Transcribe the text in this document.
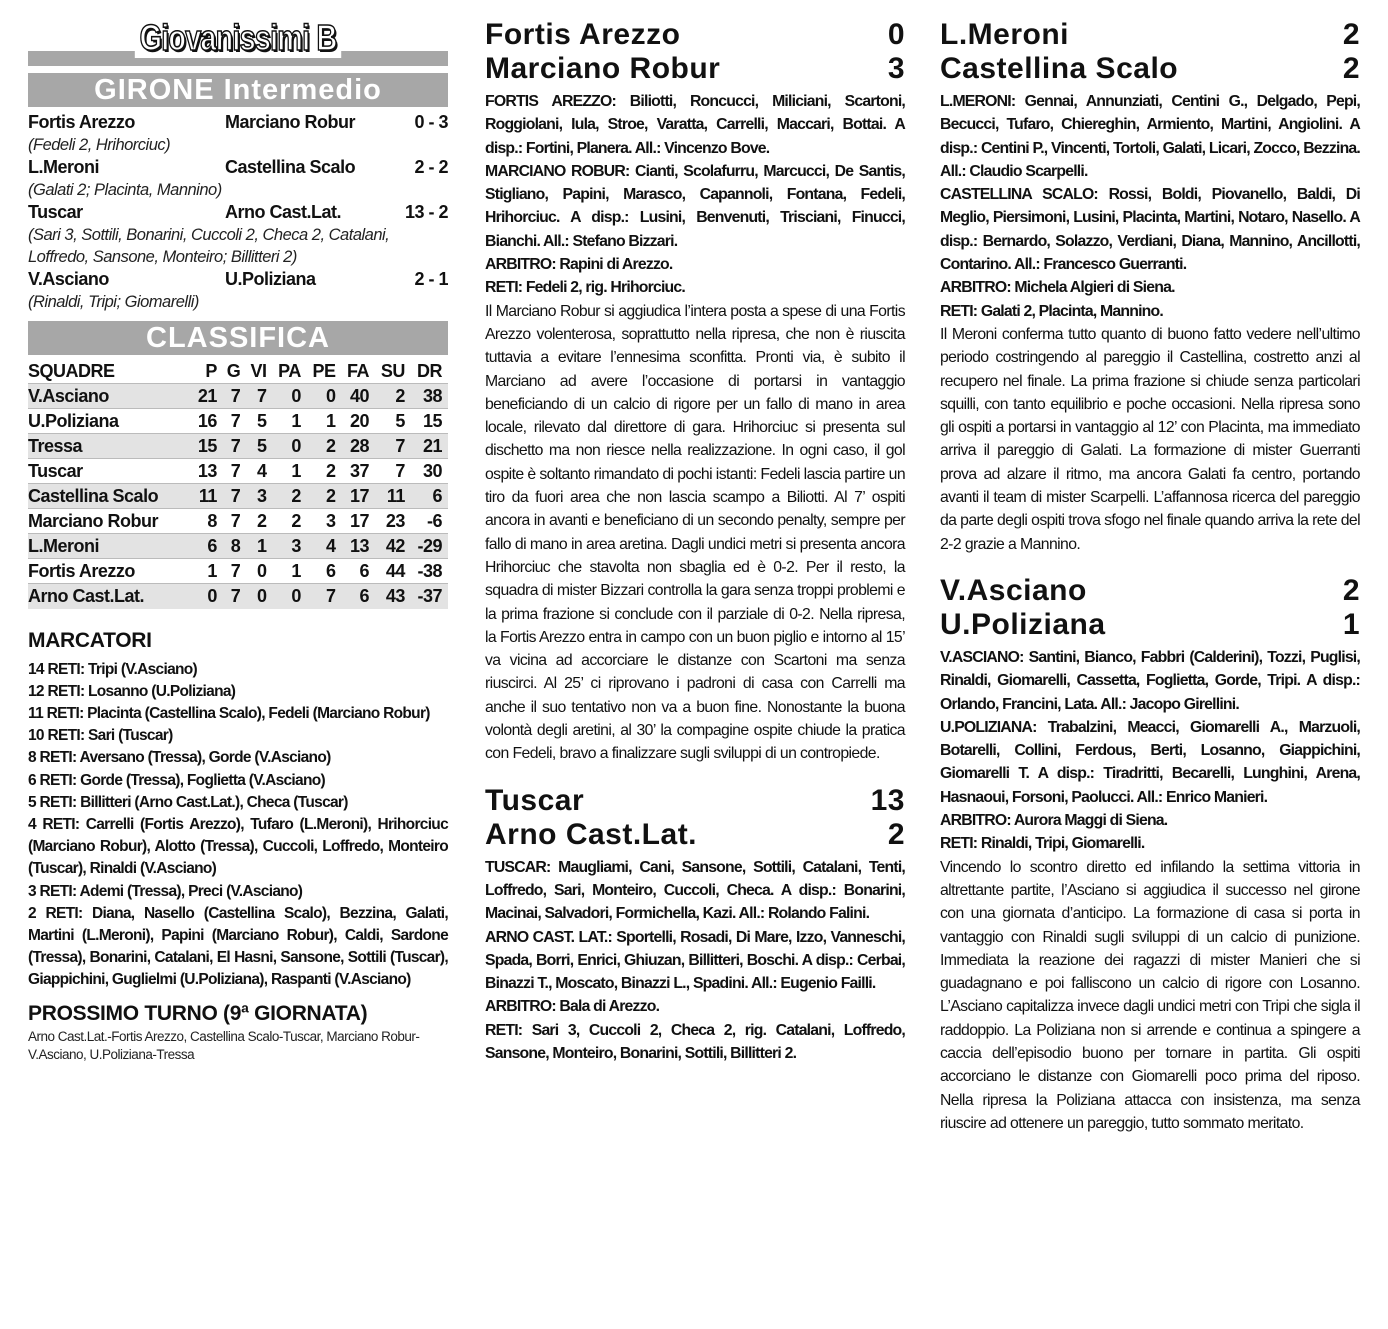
Giovanissimi B
GIRONE Intermedio
Fortis Arezzo	Marciano Robur	0 - 3
(Fedeli 2, Hrihorciuc)
L.Meroni	Castellina Scalo	2 - 2
(Galati 2; Placinta, Mannino)
Tuscar	Arno Cast.Lat.	13 - 2
(Sari 3, Sottili, Bonarini, Cuccoli 2, Checa 2, Catalani, Loffredo, Sansone, Monteiro; Billitteri 2)
V.Asciano	U.Poliziana	2 - 1
(Rinaldi, Tripi; Giomarelli)
CLASSIFICA
SQUADRE	P	G	VI	PA	PE	FA	SU	DR
V.Asciano	21	7	7	0	0	40	2	38
U.Poliziana	16	7	5	1	1	20	5	15
Tressa	15	7	5	0	2	28	7	21
Tuscar	13	7	4	1	2	37	7	30
Castellina Scalo	11	7	3	2	2	17	11	6
Marciano Robur	8	7	2	2	3	17	23	-6
L.Meroni	6	8	1	3	4	13	42	-29
Fortis Arezzo	1	7	0	1	6	6	44	-38
Arno Cast.Lat.	0	7	0	0	7	6	43	-37
MARCATORI

14 RETI: Tripi (V.Asciano)

12 RETI: Losanno (U.Poliziana)

11 RETI: Placinta (Castellina Scalo), Fedeli (Marciano Robur)

10 RETI: Sari (Tuscar)

8 RETI: Aversano (Tressa), Gorde (V.Asciano)

6 RETI: Gorde (Tressa), Foglietta (V.Asciano)

5 RETI: Billitteri (Arno Cast.Lat.), Checa (Tuscar)

4 RETI: Carrelli (Fortis Arezzo), Tufaro (L.Meroni), Hrihorciuc (Marciano Robur), Alotto (Tressa), Cuccoli, Loffredo, Monteiro (Tuscar), Rinaldi (V.Asciano)

3 RETI: Ademi (Tressa), Preci (V.Asciano)

2 RETI: Diana, Nasello (Castellina Scalo), Bezzina, Galati, Martini (L.Meroni), Papini (Marciano Robur), Caldi, Sardone (Tressa), Bonarini, Catalani, El Hasni, Sansone, Sottili (Tuscar), Giappichini, Guglielmi (U.Poliziana), Raspanti (V.Asciano)

PROSSIMO TURNO (9ª GIORNATA)
Arno Cast.Lat.-Fortis Arezzo, Castellina Scalo-Tuscar, Marciano Robur-V.Asciano, U.Poliziana-Tressa
Fortis Arezzo	0
Marciano Robur	3

FORTIS AREZZO: Biliotti, Roncucci, Miliciani, Scartoni, Roggiolani, Iula, Stroe, Varatta, Carrelli, Maccari, Bottai. A disp.: Fortini, Planera. All.: Vincenzo Bove.

MARCIANO ROBUR: Cianti, Scolafurru, Marcucci, De Santis, Stigliano, Papini, Marasco, Capannoli, Fontana, Fedeli, Hrihorciuc. A disp.: Lusini, Benvenuti, Trisciani, Finucci, Bianchi. All.: Stefano Bizzari.

ARBITRO: Rapini di Arezzo.

RETI: Fedeli 2, rig. Hrihorciuc.

Il Marciano Robur si aggiudica l’intera posta a spese di una Fortis Arezzo volenterosa, soprattutto nella ripresa, che non è riuscita tuttavia a evitare l’ennesima sconfitta. Pronti via, è subito il Marciano ad avere l’occasione di portarsi in vantaggio beneficiando di un calcio di rigore per un fallo di mano in area locale, rilevato dal direttore di gara. Hrihorciuc si presenta sul dischetto ma non riesce nella realizzazione. In ogni caso, il gol ospite è soltanto rimandato di pochi istanti: Fedeli lascia partire un tiro da fuori area che non lascia scampo a Biliotti. Al 7’ ospiti ancora in avanti e beneficiano di un secondo penalty, sempre per fallo di mano in area aretina. Dagli undici metri si presenta ancora Hrihorciuc che stavolta non sbaglia ed è 0-2. Per il resto, la squadra di mister Bizzari controlla la gara senza troppi problemi e la prima frazione si conclude con il parziale di 0-2. Nella ripresa, la Fortis Arezzo entra in campo con un buon piglio e intorno al 15’ va vicina ad accorciare le distanze con Scartoni ma senza riuscirci. Al 25’ ci riprovano i padroni di casa con Carrelli ma anche il suo tentativo non va a buon fine. Nonostante la buona volontà degli aretini, al 30’ la compagine ospite chiude la pratica con Fedeli, bravo a finalizzare sugli sviluppi di un contropiede.

Tuscar	13
Arno Cast.Lat.	2

TUSCAR: Maugliami, Cani, Sansone, Sottili, Catalani, Tenti, Loffredo, Sari, Monteiro, Cuccoli, Checa. A disp.: Bonarini, Macinai, Salvadori, Formichella, Kazi. All.: Rolando Falini.

ARNO CAST. LAT.: Sportelli, Rosadi, Di Mare, Izzo, Vanneschi, Spada, Borri, Enrici, Ghiuzan, Billitteri, Boschi. A disp.: Cerbai, Binazzi T., Moscato, Binazzi L., Spadini. All.: Eugenio Failli.

ARBITRO: Bala di Arezzo.

RETI: Sari 3, Cuccoli 2, Checa 2, rig. Catalani, Loffredo, Sansone, Monteiro, Bonarini, Sottili, Billitteri 2.

L.Meroni	2
Castellina Scalo	2

L.MERONI: Gennai, Annunziati, Centini G., Delgado, Pepi, Becucci, Tufaro, Chiereghin, Armiento, Martini, Angiolini. A disp.: Centini P., Vincenti, Tortoli, Galati, Licari, Zocco, Bezzina. All.: Claudio Scarpelli.

CASTELLINA SCALO: Rossi, Boldi, Piovanello, Baldi, Di Meglio, Piersimoni, Lusini, Placinta, Martini, Notaro, Nasello. A disp.: Bernardo, Solazzo, Verdiani, Diana, Mannino, Ancillotti, Contarino. All.: Francesco Guerranti.

ARBITRO: Michela Algieri di Siena.

RETI: Galati 2, Placinta, Mannino.

Il Meroni conferma tutto quanto di buono fatto vedere nell’ultimo periodo costringendo al pareggio il Castellina, costretto anzi al recupero nel finale. La prima frazione si chiude senza particolari squilli, con tanto equilibrio e poche occasioni. Nella ripresa sono gli ospiti a portarsi in vantaggio al 12’ con Placinta, ma immediato arriva il pareggio di Galati. La formazione di mister Guerranti prova ad alzare il ritmo, ma ancora Galati fa centro, portando avanti il team di mister Scarpelli. L’affannosa ricerca del pareggio da parte degli ospiti trova sfogo nel finale quando arriva la rete del 2-2 grazie a Mannino.

V.Asciano	2
U.Poliziana	1

V.ASCIANO: Santini, Bianco, Fabbri (Calderini), Tozzi, Puglisi, Rinaldi, Giomarelli, Cassetta, Foglietta, Gorde, Tripi. A disp.: Orlando, Francini, Lata. All.: Jacopo Girellini.

U.POLIZIANA: Trabalzini, Meacci, Giomarelli A., Marzuoli, Botarelli, Collini, Ferdous, Berti, Losanno, Giappichini, Giomarelli T. A disp.: Tiradritti, Becarelli, Lunghini, Arena, Hasnaoui, Forsoni, Paolucci. All.: Enrico Manieri.

ARBITRO: Aurora Maggi di Siena.

RETI: Rinaldi, Tripi, Giomarelli.

Vincendo lo scontro diretto ed infilando la settima vittoria in altrettante partite, l’Asciano si aggiudica il successo nel girone con una giornata d’anticipo. La formazione di casa si porta in vantaggio con Rinaldi sugli sviluppi di un calcio di punizione. Immediata la reazione dei ragazzi di mister Manieri che si guadagnano e poi falliscono un calcio di rigore con Losanno. L’Asciano capitalizza invece dagli undici metri con Tripi che sigla il raddoppio. La Poliziana non si arrende e continua a spingere a caccia dell’episodio buono per tornare in partita. Gli ospiti accorciano le distanze con Giomarelli poco prima del riposo. Nella ripresa la Poliziana attacca con insistenza, ma senza riuscire ad ottenere un pareggio, tutto sommato meritato.
